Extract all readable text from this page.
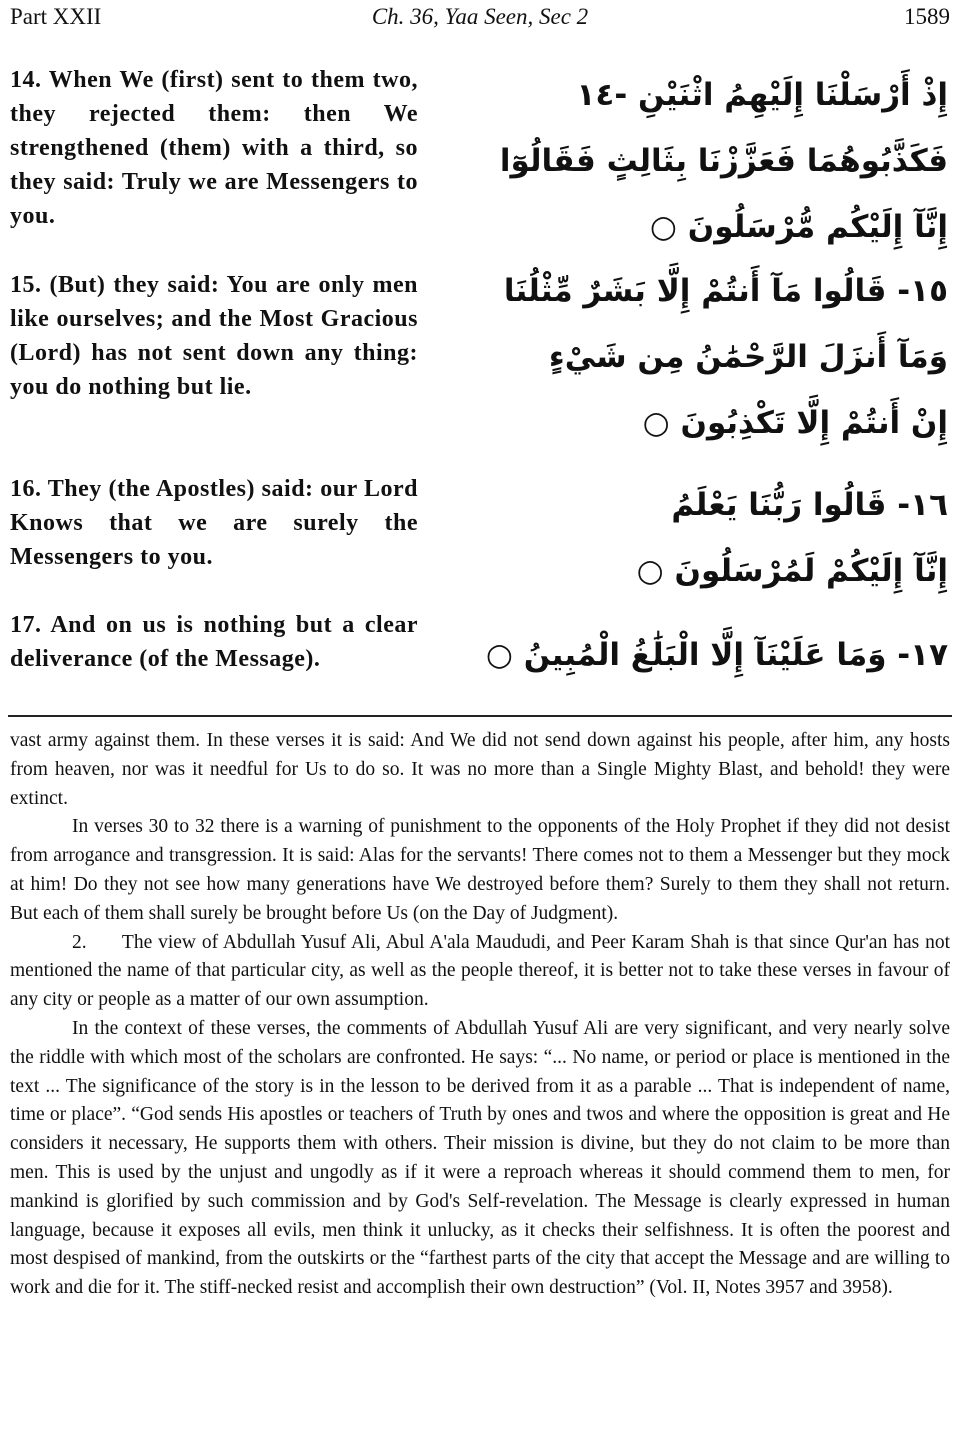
Part XXII	Ch. 36, Yaa Seen, Sec 2	1589
14. When We (first) sent to them two, they rejected them: then We strengthened (them) with a third, so they said: Truly we are Messengers to you.
إِذْ أَرْسَلْنَا إِلَيْهِمُ اثْنَيْنِ -١٤
فَكَذَّبُوهُمَا فَعَزَّزْنَا بِثَالِثٍ فَقَالُوٓا
إِنَّآ إِلَيْكُم مُّرْسَلُونَ ○
15. (But) they said: You are only men like ourselves; and the Most Gracious (Lord) has not sent down any thing: you do nothing but lie.
١٥- قَالُوا مَآ أَنتُمْ إِلَّا بَشَرٌ مِّثْلُنَا
وَمَآ أَنزَلَ الرَّحْمَٰنُ مِن شَيْءٍ
إِنْ أَنتُمْ إِلَّا تَكْذِبُونَ ○
16. They (the Apostles) said: our Lord Knows that we are surely the Messengers to you.
١٦- قَالُوا رَبُّنَا يَعْلَمُ
إِنَّآ إِلَيْكُمْ لَمُرْسَلُونَ ○
17. And on us is nothing but a clear deliverance (of the Message).	١٧- وَمَا عَلَيْنَآ إِلَّا الْبَلَٰغُ الْمُبِينُ ○

vast army against them. In these verses it is said: And We did not send down against his people, after him, any hosts from heaven, nor was it needful for Us to do so. It was no more than a Single Mighty Blast, and behold! they were extinct.

In verses 30 to 32 there is a warning of punishment to the opponents of the Holy Prophet if they did not desist from arrogance and transgression. It is said: Alas for the servants! There comes not to them a Messenger but they mock at him! Do they not see how many generations have We destroyed before them? Surely to them they shall not return. But each of them shall surely be brought before Us (on the Day of Judgment).

2.      The view of Abdullah Yusuf Ali, Abul A'ala Maududi, and Peer Karam Shah is that since Qur'an has not mentioned the name of that particular city, as well as the people thereof, it is better not to take these verses in favour of any city or people as a matter of our own assumption.

In the context of these verses, the comments of Abdullah Yusuf Ali are very significant, and very nearly solve the riddle with which most of the scholars are confronted. He says: “... No name, or period or place is mentioned in the text ... The significance of the story is in the lesson to be derived from it as a parable ... That is independent of name, time or place”. “God sends His apostles or teachers of Truth by ones and twos and where the opposition is great and He considers it necessary, He supports them with others. Their mission is divine, but they do not claim to be more than men. This is used by the unjust and ungodly as if it were a reproach whereas it should commend them to men, for mankind is glorified by such commission and by God's Self-revelation. The Message is clearly expressed in human language, because it exposes all evils, men think it unlucky, as it checks their selfishness. It is often the poorest and most despised of mankind, from the outskirts or the “farthest parts of the city that accept the Message and are willing to work and die for it. The stiff-necked resist and accomplish their own destruction” (Vol. II, Notes 3957 and 3958).
